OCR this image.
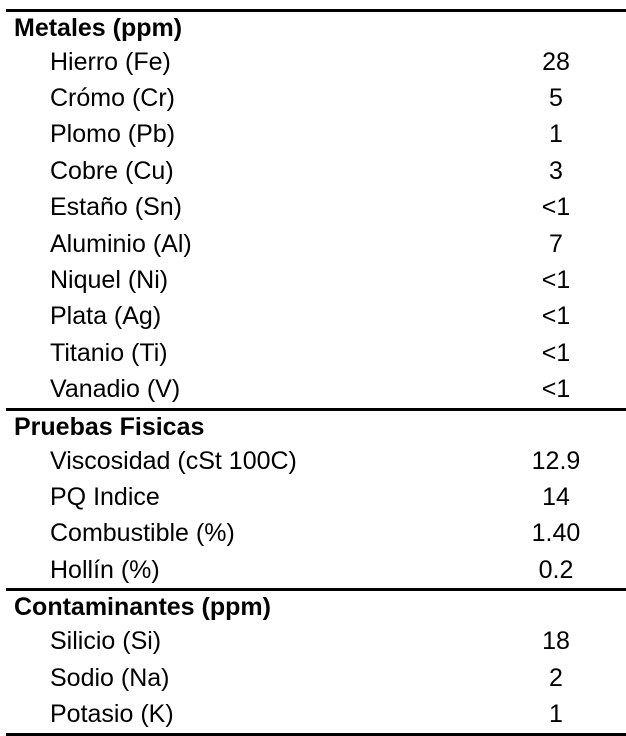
Metales (ppm)
Hierro (Fe)	28
Crómo (Cr)	5
Plomo (Pb)	1
Cobre (Cu)	3
Estaño (Sn)	<1
Aluminio (Al)	7
Niquel (Ni)	<1
Plata (Ag)	<1
Titanio (Ti)	<1
Vanadio (V)	<1
Pruebas Fisicas
Viscosidad (cSt 100C)	12.9
PQ Indice	14
Combustible (%)	1.40
Hollín (%)	0.2
Contaminantes (ppm)
Silicio (Si)	18
Sodio (Na)	2
Potasio (K)	1
